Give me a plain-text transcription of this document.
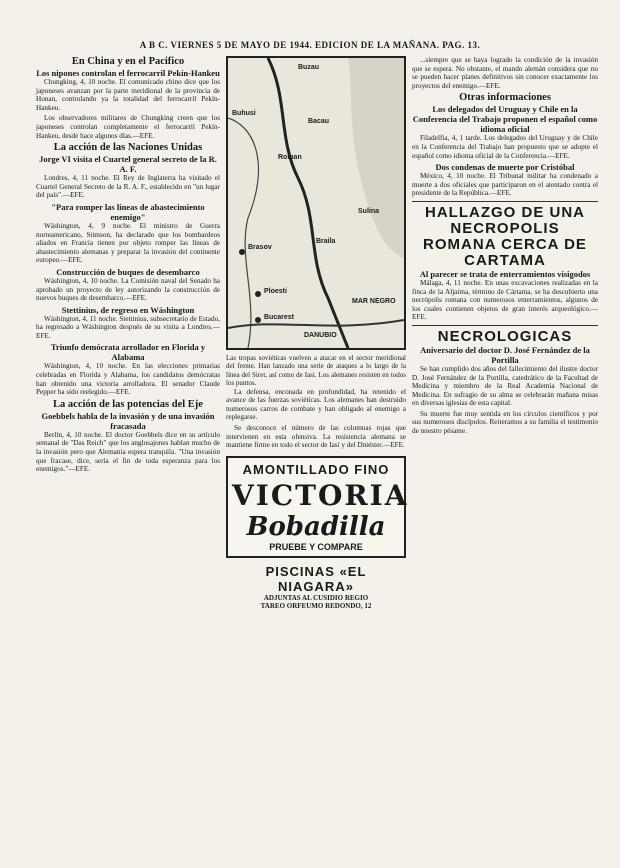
A B C. VIERNES 5 DE MAYO DE 1944. EDICION DE LA MAÑANA. PAG. 13.
En China y en el Pacifico
Los nipones controlan el ferrocarril Pekín-Hankeu

Chungking, 4, 10 noche. El comunicado chino dice que los japoneses avanzan por la parte meridional de la provincia de Honan, controlando ya la totalidad del ferrocarril Pekín-Hankeu.

Los observadores militares de Chungking creen que los japoneses controlan completamente el ferrocarril Pekín-Hankeu, desde hace algunos días.—EFE.

La acción de las Naciones Unidas
Jorge VI visita el Cuartel general secreto de la R. A. F.

Londres, 4, 11 noche. El Rey de Inglaterra ha visitado el Cuartel General Secreto de la R. A. F., establecido en "un lugar del país".—EFE.

"Para romper las líneas de abastecimiento enemigo"

Wáshington, 4, 9 noche. El ministro de Guerra norteamericano, Stimson, ha declarado que los bombardeos aliados en Francia tienen por objeto romper las líneas de abastecimiento alemanas y preparar la invasión del continente europeo.—EFE.

Construcción de buques de desembarco

Wáshington, 4, 10 noche. La Comisión naval del Senado ha aprobado un proyecto de ley autorizando la construcción de nuevos buques de desembarco.—EFE.

Stettinius, de regreso en Wáshington

Wáshington, 4, 11 noche. Stettinius, subsecretario de Estado, ha regresado a Wáshington después de su visita a Londres.—EFE.

Triunfo demócrata arrollador en Florida y Alabama

Wáshington, 4, 10 noche. En las elecciones primarias celebradas en Florida y Alabama, los candidatos demócratas han obtenido una victoria arrolladora. El senador Claude Pepper ha sido reelegido.—EFE.

La acción de las potencias del Eje
Goebbels habla de la invasión y de una invasión fracasada

Berlín, 4, 10 noche. El doctor Goebbels dice en su artículo semanal de "Das Reich" que los anglosajones hablan mucho de la invasión pero que Alemania espera tranquila. "Una invasión que fracase, dice, sería el fin de toda esperanza para los enemigos."—EFE.

Buzau
Buhusi
Bacau
Sulina
Roman
Braila
Brasov
Ploesti
Bucarest
DANUBIO
MAR NEGRO
Las tropas soviéticas vuelven a atacar en el sector meridional del frente. Han lanzado una serie de ataques a lo largo de la línea del Siret, así como de Iasi. Los alemanes resisten en todos los puntos.

La defensa, enconada en profundidad, ha retenido el avance de las fuerzas soviéticas. Los alemanes han destruido numerosos carros de combate y han obligado al enemigo a replegarse.

Se desconoce el número de las columnas rojas que intervienen en esta ofensiva. La resistencia alemana se mantiene firme en todo el sector de Iasi y del Dniéster.—EFE.

AMONTILLADO FINO
VICTORIA
Bobadilla
PRUEBE Y COMPARE
PISCINAS «EL NIAGARA»
ADJUNTAS AL CUSIDIO REGIO
TAREO ORFEUMO REDONDO, 12

...siempre que se haya logrado la condición de la invasión que se espera. No obstante, el mando alemán considera que no se pueden hacer planes definitivos sin conocer exactamente los proyectos del enemigo.—EFE.

Otras informaciones
Los delegados del Uruguay y Chile en la Conferencia del Trabajo proponen el español como idioma oficial

Filadelfia, 4, 1 tarde. Los delegados del Uruguay y de Chile en la Conferencia del Trabajo han propuesto que se adopte el español como idioma oficial de la Conferencia.—EFE.

Dos condenas de muerte por Cristóbal

México, 4, 10 noche. El Tribunal militar ha condenado a muerte a dos oficiales que participaron en el atentado contra el presidente de la República.—EFE.

HALLAZGO DE UNA NECROPOLIS ROMANA CERCA DE CARTAMA
Al parecer se trata de enterramientos visigodos

Málaga, 4, 11 noche. En unas excavaciones realizadas en la finca de la Aljaima, término de Cártama, se ha descubierto una necrópolis romana con numerosos enterramientos, algunos de los cuales contienen objetos de gran interés arqueológico.—EFE.

NECROLOGICAS
Aniversario del doctor D. José Fernández de la Portilla

Se han cumplido dos años del fallecimiento del ilustre doctor D. José Fernández de la Portilla, catedrático de la Facultad de Medicina y miembro de la Real Academia Nacional de Medicina. En sufragio de su alma se celebrarán mañana misas en diversas iglesias de esta capital.

Su muerte fue muy sentida en los círculos científicos y por sus numerosos discípulos. Reiteramos a su familia el testimonio de nuestro pésame.
